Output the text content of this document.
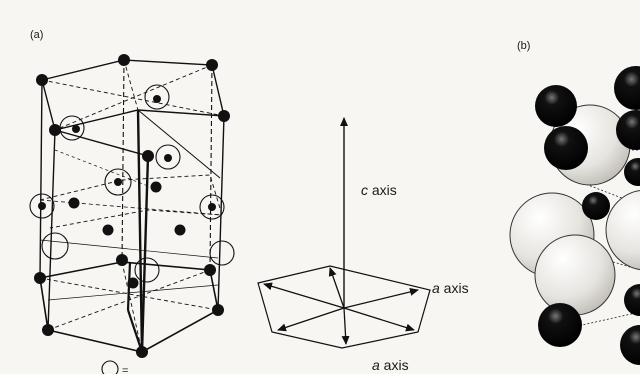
(a)
(b)
c axis
a axis
a axis
=
